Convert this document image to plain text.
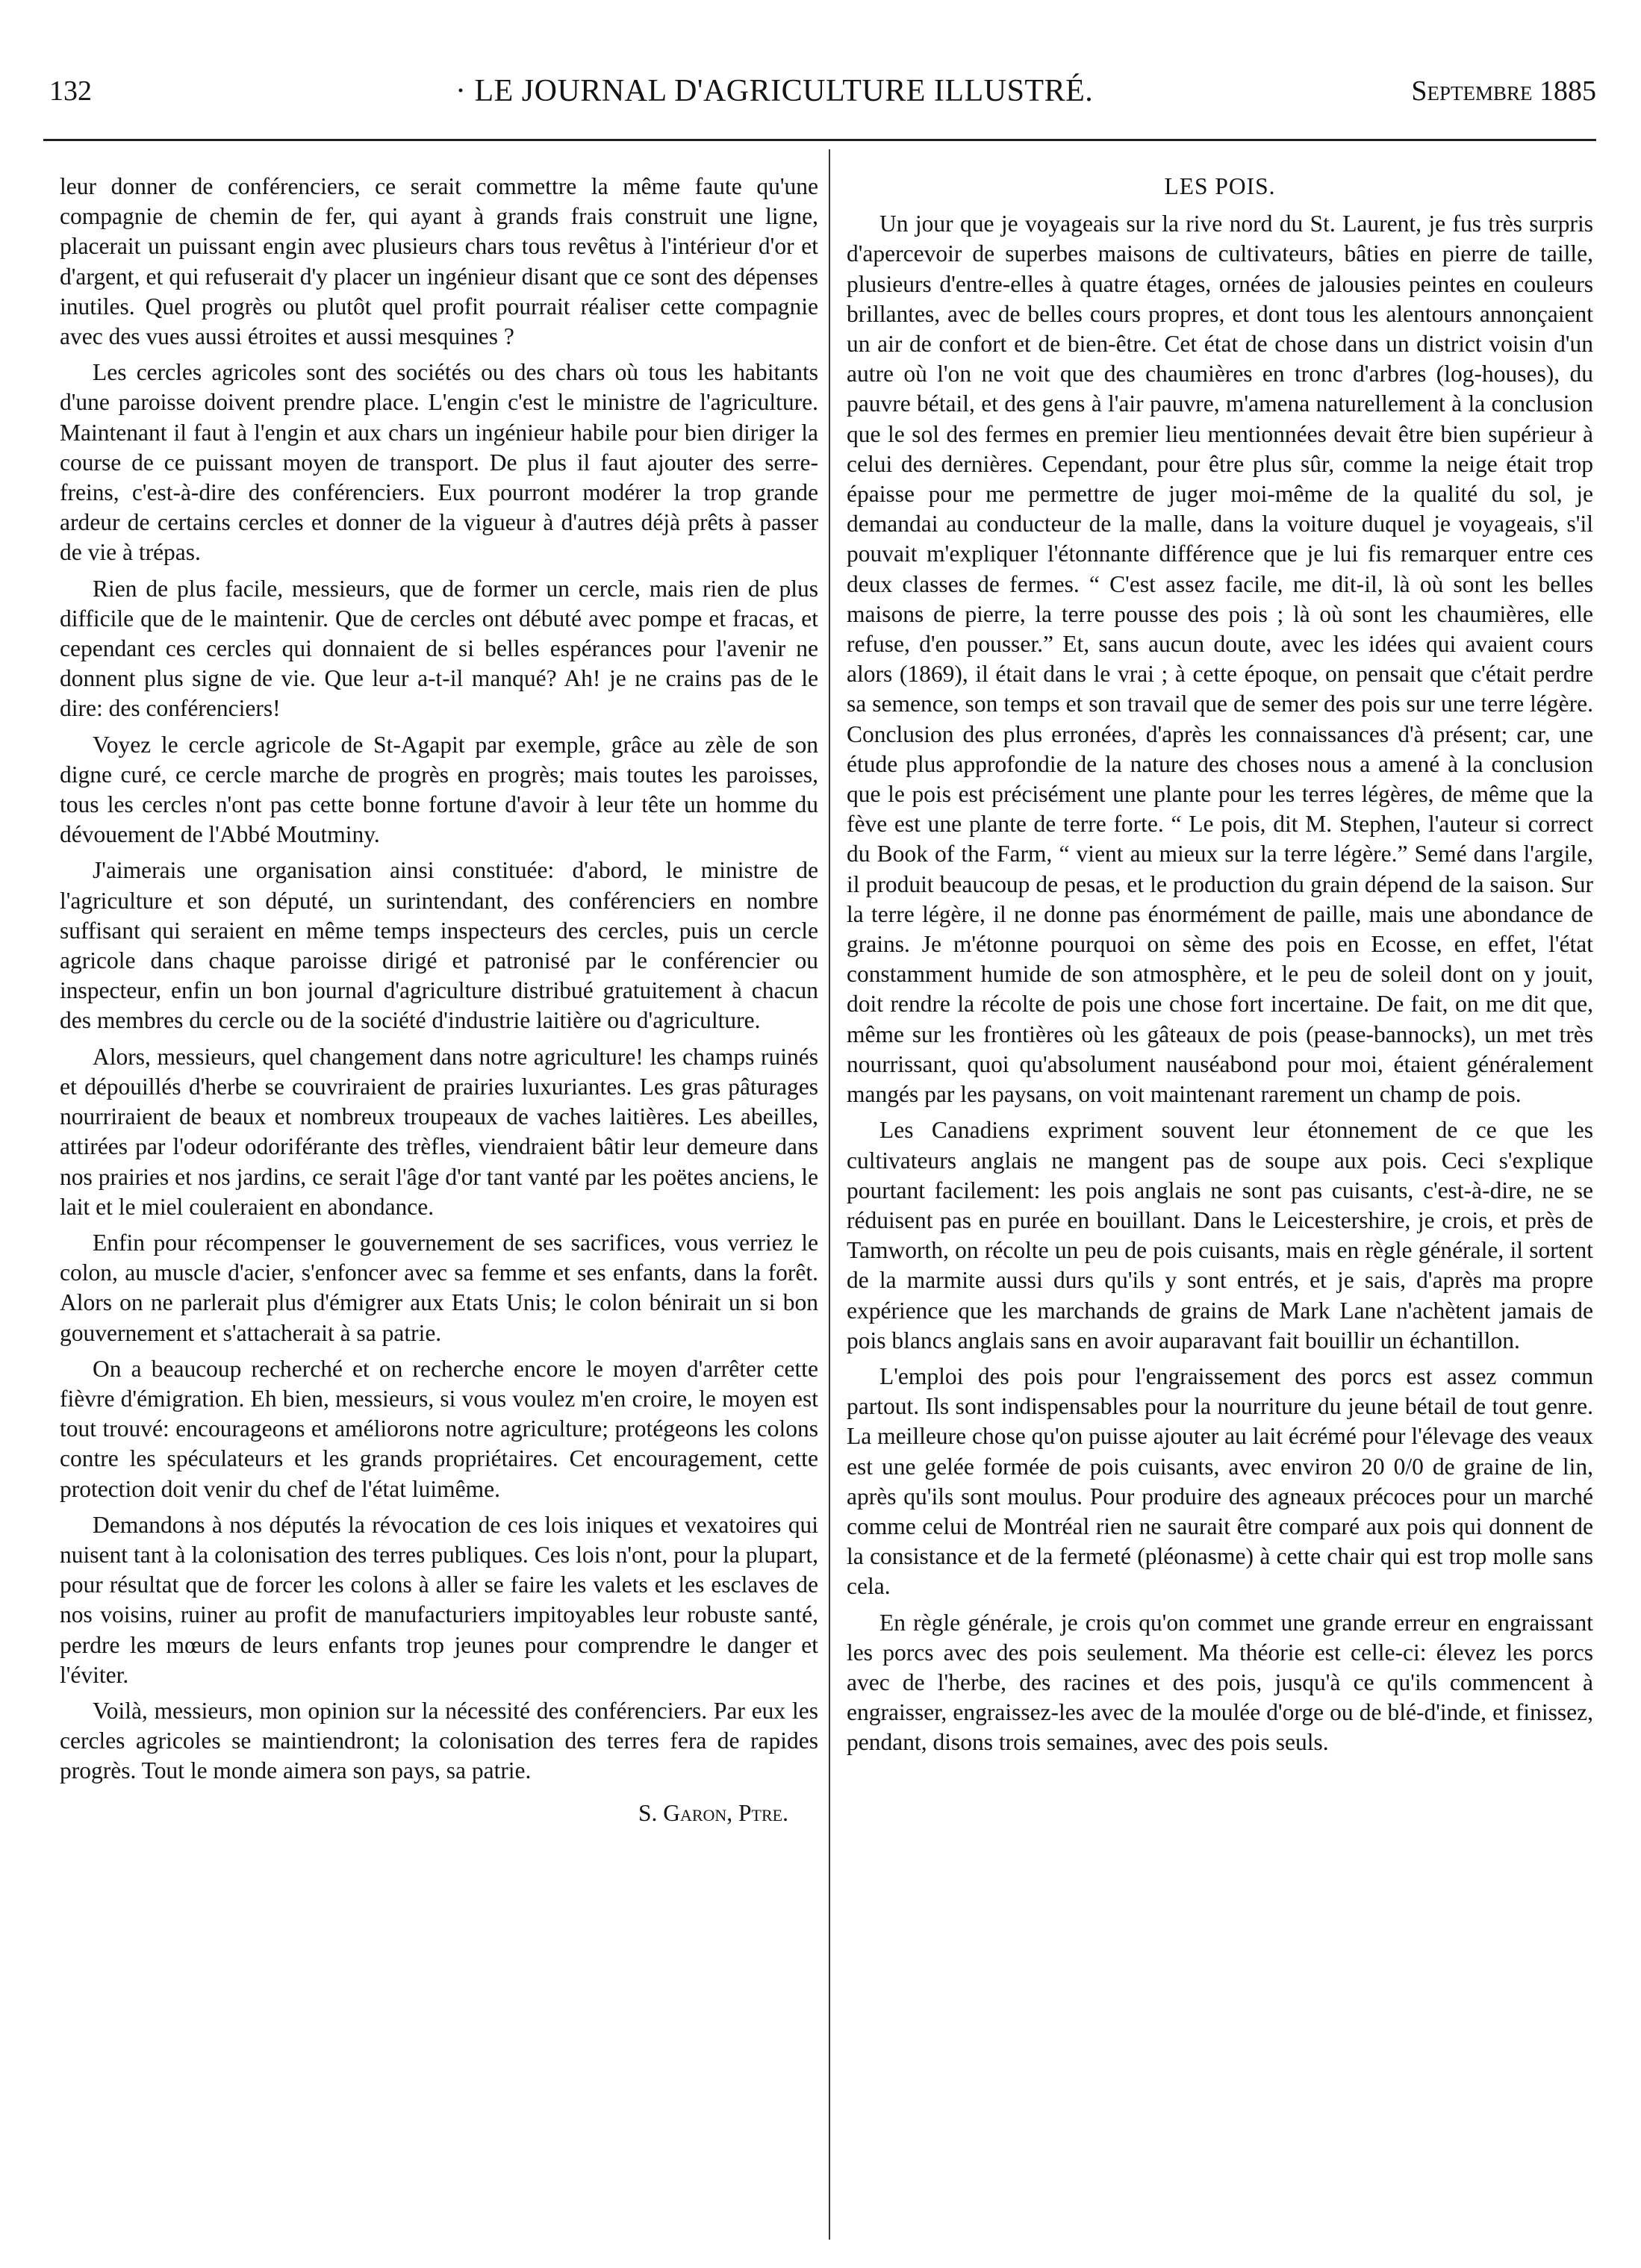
132	· LE JOURNAL D'AGRICULTURE ILLUSTRÉ.	Septembre 1885

leur donner de conférenciers, ce serait commettre la même faute qu'une compagnie de chemin de fer, qui ayant à grands frais construit une ligne, placerait un puissant engin avec plusieurs chars tous revêtus à l'intérieur d'or et d'argent, et qui refuserait d'y placer un ingénieur disant que ce sont des dépenses inutiles. Quel progrès ou plutôt quel profit pourrait réaliser cette compagnie avec des vues aussi étroites et aussi mesquines ?

Les cercles agricoles sont des sociétés ou des chars où tous les habitants d'une paroisse doivent prendre place. L'engin c'est le ministre de l'agriculture. Maintenant il faut à l'engin et aux chars un ingénieur habile pour bien diriger la course de ce puissant moyen de transport. De plus il faut ajouter des serre-freins, c'est-à-dire des conférenciers. Eux pourront modérer la trop grande ardeur de certains cercles et donner de la vigueur à d'autres déjà prêts à passer de vie à trépas.

Rien de plus facile, messieurs, que de former un cercle, mais rien de plus difficile que de le maintenir. Que de cercles ont débuté avec pompe et fracas, et cependant ces cercles qui donnaient de si belles espérances pour l'avenir ne donnent plus signe de vie. Que leur a-t-il manqué? Ah! je ne crains pas de le dire: des conférenciers!

Voyez le cercle agricole de St-Agapit par exemple, grâce au zèle de son digne curé, ce cercle marche de progrès en progrès; mais toutes les paroisses, tous les cercles n'ont pas cette bonne fortune d'avoir à leur tête un homme du dévouement de l'Abbé Moutminy.

J'aimerais une organisation ainsi constituée: d'abord, le ministre de l'agriculture et son député, un surintendant, des conférenciers en nombre suffisant qui seraient en même temps inspecteurs des cercles, puis un cercle agricole dans chaque paroisse dirigé et patronisé par le conférencier ou inspecteur, enfin un bon journal d'agriculture distribué gratuitement à chacun des membres du cercle ou de la société d'industrie laitière ou d'agriculture.

Alors, messieurs, quel changement dans notre agriculture! les champs ruinés et dépouillés d'herbe se couvriraient de prairies luxuriantes. Les gras pâturages nourriraient de beaux et nombreux troupeaux de vaches laitières. Les abeilles, attirées par l'odeur odoriférante des trèfles, viendraient bâtir leur demeure dans nos prairies et nos jardins, ce serait l'âge d'or tant vanté par les poëtes anciens, le lait et le miel couleraient en abondance.

Enfin pour récompenser le gouvernement de ses sacrifices, vous verriez le colon, au muscle d'acier, s'enfoncer avec sa femme et ses enfants, dans la forêt. Alors on ne parlerait plus d'émigrer aux Etats Unis; le colon bénirait un si bon gouvernement et s'attacherait à sa patrie.

On a beaucoup recherché et on recherche encore le moyen d'arrêter cette fièvre d'émigration. Eh bien, messieurs, si vous voulez m'en croire, le moyen est tout trouvé: encourageons et améliorons notre agriculture; protégeons les colons contre les spéculateurs et les grands propriétaires. Cet encouragement, cette protection doit venir du chef de l'état luimême.

Demandons à nos députés la révocation de ces lois iniques et vexatoires qui nuisent tant à la colonisation des terres publiques. Ces lois n'ont, pour la plupart, pour résultat que de forcer les colons à aller se faire les valets et les esclaves de nos voisins, ruiner au profit de manufacturiers impitoyables leur robuste santé, perdre les mœurs de leurs enfants trop jeunes pour comprendre le danger et l'éviter.

Voilà, messieurs, mon opinion sur la nécessité des conférenciers. Par eux les cercles agricoles se maintiendront; la colonisation des terres fera de rapides progrès. Tout le monde aimera son pays, sa patrie.

S. Garon, Ptre.
LES POIS.

Un jour que je voyageais sur la rive nord du St. Laurent, je fus très surpris d'apercevoir de superbes maisons de cultivateurs, bâties en pierre de taille, plusieurs d'entre-elles à quatre étages, ornées de jalousies peintes en couleurs brillantes, avec de belles cours propres, et dont tous les alentours annonçaient un air de confort et de bien-être. Cet état de chose dans un district voisin d'un autre où l'on ne voit que des chaumières en tronc d'arbres (log-houses), du pauvre bétail, et des gens à l'air pauvre, m'amena naturellement à la conclusion que le sol des fermes en premier lieu mentionnées devait être bien supérieur à celui des dernières. Cependant, pour être plus sûr, comme la neige était trop épaisse pour me permettre de juger moi-même de la qualité du sol, je demandai au conducteur de la malle, dans la voiture duquel je voyageais, s'il pouvait m'expliquer l'étonnante différence que je lui fis remarquer entre ces deux classes de fermes. “ C'est assez facile, me dit-il, là où sont les belles maisons de pierre, la terre pousse des pois ; là où sont les chaumières, elle refuse, d'en pousser.” Et, sans aucun doute, avec les idées qui avaient cours alors (1869), il était dans le vrai ; à cette époque, on pensait que c'était perdre sa semence, son temps et son travail que de semer des pois sur une terre légère. Conclusion des plus erronées, d'après les connaissances d'à présent; car, une étude plus approfondie de la nature des choses nous a amené à la conclusion que le pois est précisément une plante pour les terres légères, de même que la fève est une plante de terre forte. “ Le pois, dit M. Stephen, l'auteur si correct du Book of the Farm, “ vient au mieux sur la terre légère.” Semé dans l'argile, il produit beaucoup de pesas, et le production du grain dépend de la saison. Sur la terre légère, il ne donne pas énormément de paille, mais une abondance de grains. Je m'étonne pourquoi on sème des pois en Ecosse, en effet, l'état constamment humide de son atmosphère, et le peu de soleil dont on y jouit, doit rendre la récolte de pois une chose fort incertaine. De fait, on me dit que, même sur les frontières où les gâteaux de pois (pease-bannocks), un met très nourrissant, quoi qu'absolument nauséabond pour moi, étaient généralement mangés par les paysans, on voit maintenant rarement un champ de pois.

Les Canadiens expriment souvent leur étonnement de ce que les cultivateurs anglais ne mangent pas de soupe aux pois. Ceci s'explique pourtant facilement: les pois anglais ne sont pas cuisants, c'est-à-dire, ne se réduisent pas en purée en bouillant. Dans le Leicestershire, je crois, et près de Tamworth, on récolte un peu de pois cuisants, mais en règle générale, il sortent de la marmite aussi durs qu'ils y sont entrés, et je sais, d'après ma propre expérience que les marchands de grains de Mark Lane n'achètent jamais de pois blancs anglais sans en avoir auparavant fait bouillir un échantillon.

L'emploi des pois pour l'engraissement des porcs est assez commun partout. Ils sont indispensables pour la nourriture du jeune bétail de tout genre. La meilleure chose qu'on puisse ajouter au lait écrémé pour l'élevage des veaux est une gelée formée de pois cuisants, avec environ 20 0/0 de graine de lin, après qu'ils sont moulus. Pour produire des agneaux précoces pour un marché comme celui de Montréal rien ne saurait être comparé aux pois qui donnent de la consistance et de la fermeté (pléonasme) à cette chair qui est trop molle sans cela.

En règle générale, je crois qu'on commet une grande erreur en engraissant les porcs avec des pois seulement. Ma théorie est celle-ci: élevez les porcs avec de l'herbe, des racines et des pois, jusqu'à ce qu'ils commencent à engraisser, engraissez-les avec de la moulée d'orge ou de blé-d'inde, et finissez, pendant, disons trois semaines, avec des pois seuls.
